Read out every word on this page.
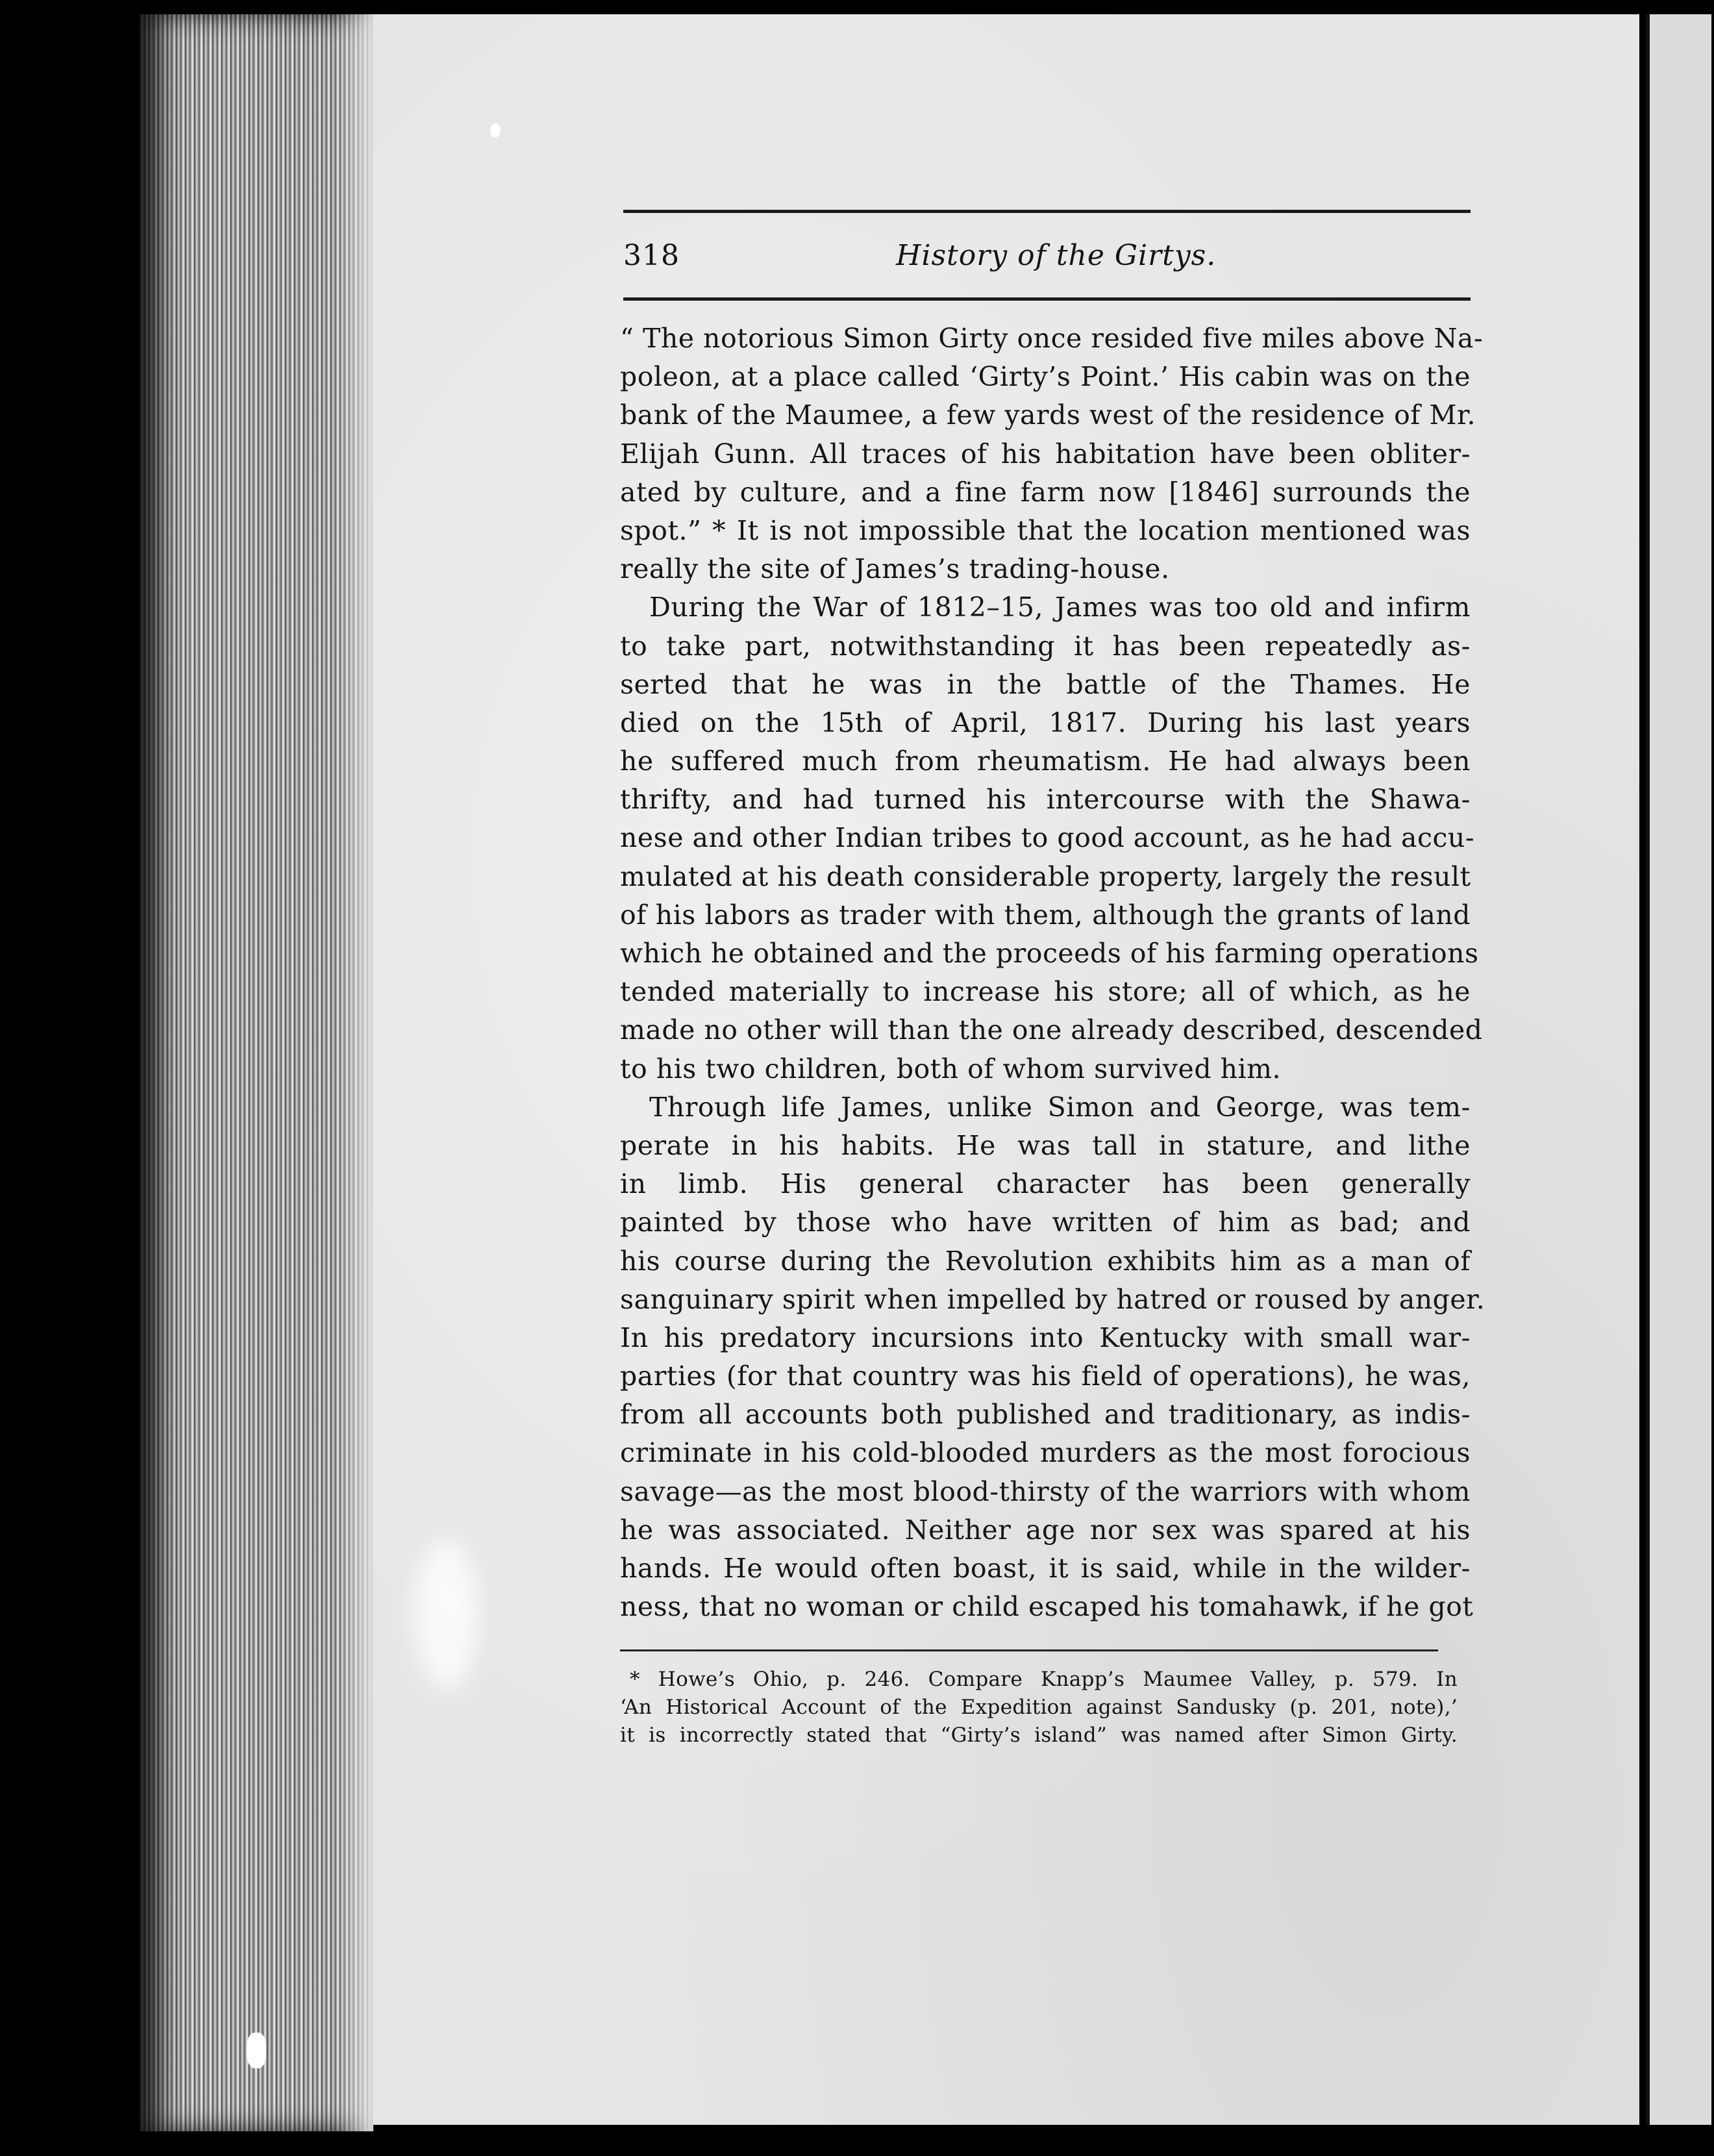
318	History of the Girtys.
“ The notorious Simon Girty once resided five miles above Na-
poleon, at a place called ‘Girty’s Point.’ His cabin was on the
bank of the Maumee, a few yards west of the residence of Mr.
Elijah Gunn. All traces of his habitation have been obliter-
ated by culture, and a fine farm now [1846] surrounds the
spot.” * It is not impossible that the location mentioned was
really the site of James’s trading-house.
During the War of 1812–15, James was too old and infirm
to take part, notwithstanding it has been repeatedly as-
serted that he was in the battle of the Thames. He
died on the 15th of April, 1817. During his last years
he suffered much from rheumatism. He had always been
thrifty, and had turned his intercourse with the Shawa-
nese and other Indian tribes to good account, as he had accu-
mulated at his death considerable property, largely the result
of his labors as trader with them, although the grants of land
which he obtained and the proceeds of his farming operations
tended materially to increase his store; all of which, as he
made no other will than the one already described, descended
to his two children, both of whom survived him.
Through life James, unlike Simon and George, was tem-
perate in his habits. He was tall in stature, and lithe
in limb. His general character has been generally
painted by those who have written of him as bad; and
his course during the Revolution exhibits him as a man of
sanguinary spirit when impelled by hatred or roused by anger.
In his predatory incursions into Kentucky with small war-
parties (for that country was his field of operations), he was,
from all accounts both published and traditionary, as indis-
criminate in his cold-blooded murders as the most forocious
savage—as the most blood-thirsty of the warriors with whom
he was associated. Neither age nor sex was spared at his
hands. He would often boast, it is said, while in the wilder-
ness, that no woman or child escaped his tomahawk, if he got
* Howe’s Ohio, p. 246. Compare Knapp’s Maumee Valley, p. 579. In
‘An Historical Account of the Expedition against Sandusky (p. 201, note),’
it is incorrectly stated that “Girty’s island” was named after Simon Girty.
